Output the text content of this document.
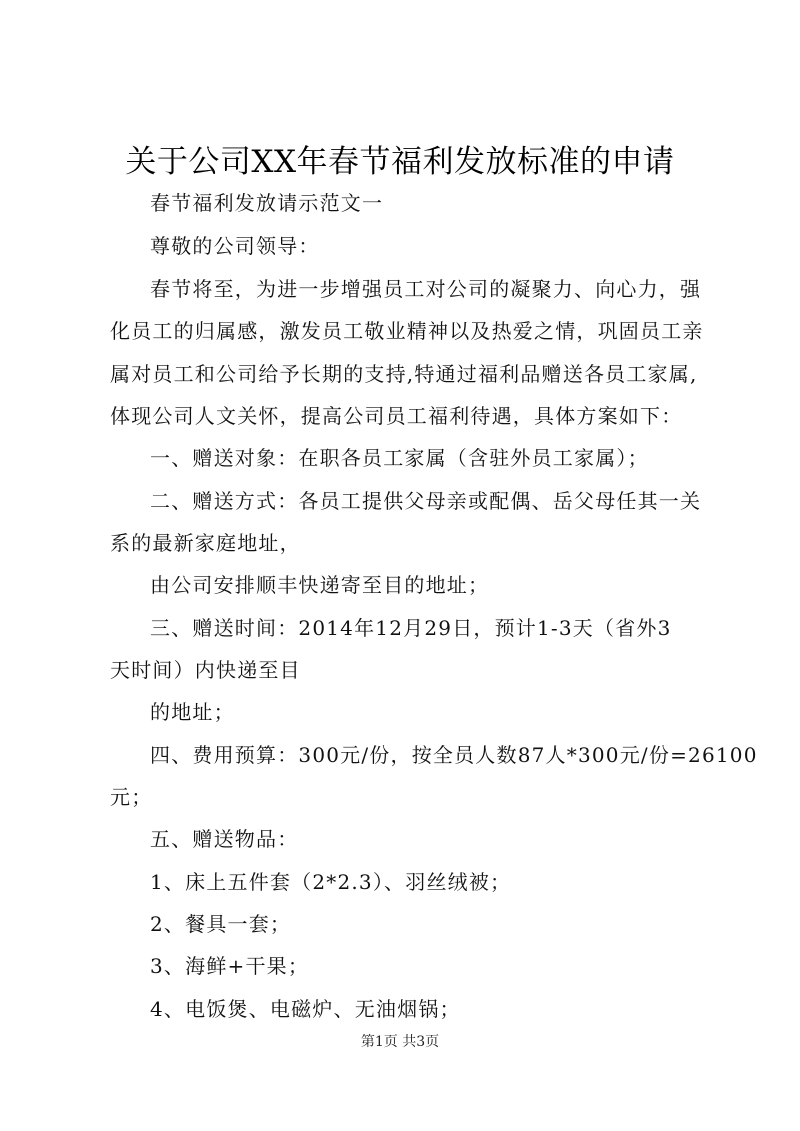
关于公司XX年春节福利发放标准的申请
春节福利发放请示范文一
尊敬的公司领导：
春节将至，为进一步增强员工对公司的凝聚力、向心力，强
化员工的归属感，激发员工敬业精神以及热爱之情，巩固员工亲
属对员工和公司给予长期的支持,特通过福利品赠送各员工家属,
体现公司人文关怀，提高公司员工福利待遇，具体方案如下：
一、赠送对象：在职各员工家属（含驻外员工家属）；
二、赠送方式：各员工提供父母亲或配偶、岳父母任其一关
系的最新家庭地址，
由公司安排顺丰快递寄至目的地址；
三、赠送时间：2014年12月29日，预计1-3天（省外3
天时间）内快递至目
的地址；
四、费用预算：300元/份，按全员人数87人*300元/份=26100
元；
五、赠送物品：
1、床上五件套（2*2.3）、羽丝绒被；
2、餐具一套；
3、海鲜+干果；
4、电饭煲、电磁炉、无油烟锅；
第1页 共3页
